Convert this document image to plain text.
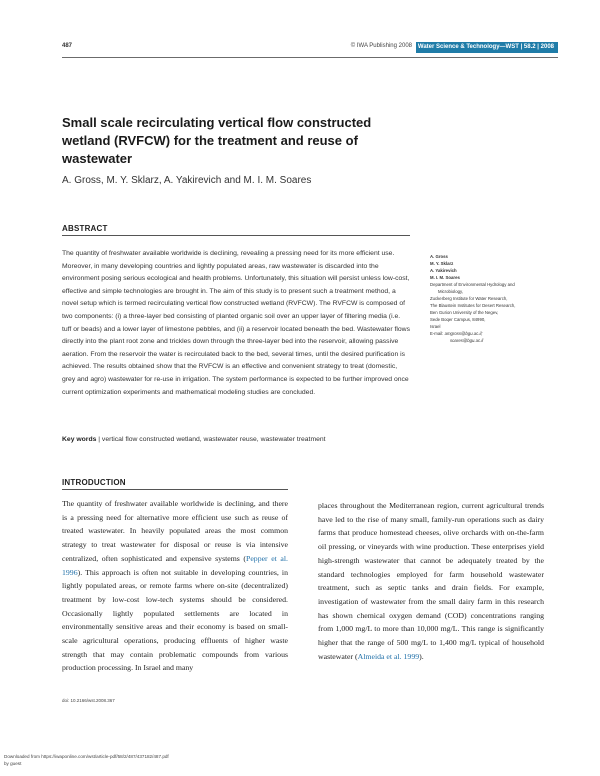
487	© IWA Publishing 2008 Water Science & Technology—WST | 58.2 | 2008
Small scale recirculating vertical flow constructed wetland (RVFCW) for the treatment and reuse of wastewater
A. Gross, M. Y. Sklarz, A. Yakirevich and M. I. M. Soares
ABSTRACT

The quantity of freshwater available worldwide is declining, revealing a pressing need for its more efficient use. Moreover, in many developing countries and lightly populated areas, raw wastewater is discarded into the environment posing serious ecological and health problems. Unfortunately, this situation will persist unless low-cost, effective and simple technologies are brought in. The aim of this study is to present such a treatment method, a novel setup which is termed recirculating vertical flow constructed wetland (RVFCW). The RVFCW is composed of two components: (i) a three-layer bed consisting of planted organic soil over an upper layer of filtering media (i.e. tuff or beads) and a lower layer of limestone pebbles, and (ii) a reservoir located beneath the bed. Wastewater flows directly into the plant root zone and trickles down through the three-layer bed into the reservoir, allowing passive aeration. From the reservoir the water is recirculated back to the bed, several times, until the desired purification is achieved. The results obtained show that the RVFCW is an effective and convenient strategy to treat (domestic, grey and agro) wastewater for re-use in irrigation. The system performance is expected to be further improved once current optimization experiments and mathematical modeling studies are concluded.

Key words | vertical flow constructed wetland, wastewater reuse, wastewater treatment
A. Gross
M. Y. Sklarz
A. Yakirevich
M. I. M. Soares
Department of Environmental Hydrology and
Microbiology,
Zuckerberg Institute for Water Research,
The Blaustein Institutes for Desert Research,
Ben Gurion University of the Negev,
Sede Boqer Campus, 84990,
Israel
E-mail: amgross@bgu.ac.il;
soares@bgu.ac.il
INTRODUCTION

The quantity of freshwater available worldwide is declining, and there is a pressing need for alternative more efficient use such as reuse of treated wastewater. In heavily populated areas the most common strategy to treat wastewater for disposal or reuse is via intensive centralized, often sophisticated and expensive systems (Pepper et al. 1996). This approach is often not suitable in developing countries, in lightly populated areas, or remote farms where on-site (decentralized) treatment by low-cost low-tech systems should be considered. Occasionally lightly populated settlements are located in environmentally sensitive areas and their economy is based on small-scale agricultural operations, producing effluents of higher waste strength that may contain problematic compounds from various production processing. In Israel and many

places throughout the Mediterranean region, current agricultural trends have led to the rise of many small, family-run operations such as dairy farms that produce homestead cheeses, olive orchards with on-the-farm oil pressing, or vineyards with wine production. These enterprises yield high-strength wastewater that cannot be adequately treated by the standard technologies employed for farm household wastewater treatment, such as septic tanks and drain fields. For example, investigation of wastewater from the small dairy farm in this research has shown chemical oxygen demand (COD) concentrations ranging from 1,000 mg/L to more than 10,000 mg/L. This range is significantly higher that the range of 500 mg/L to 1,400 mg/L typical of household wastewater (Almeida et al. 1999).

doi: 10.2166/wst.2008.367
Downloaded from https://iwaponline.com/wst/article-pdf/58/2/487/437182/487.pdf
by guest
